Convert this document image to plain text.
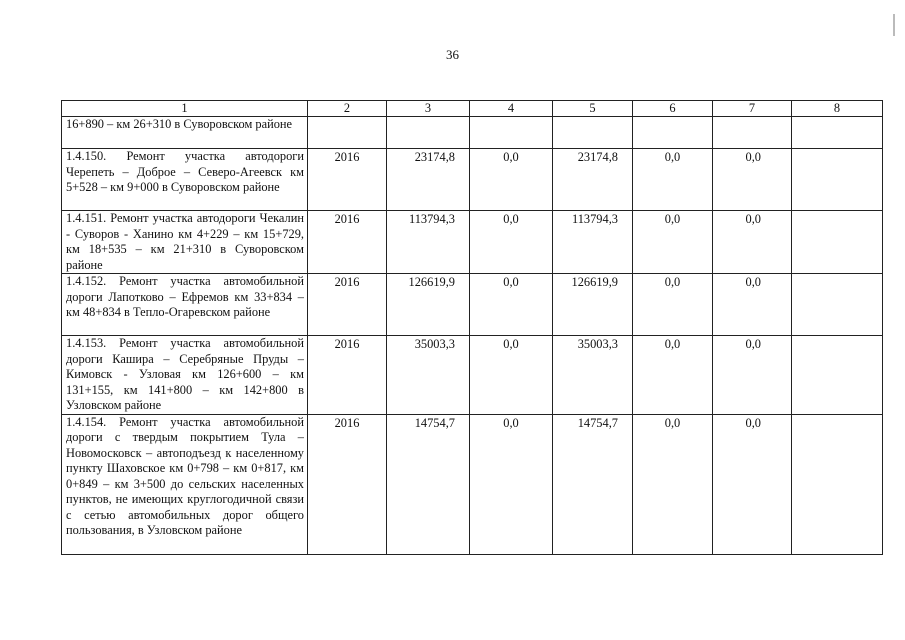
36
1	2	3	4	5	6	7	8
16+890 – км 26+310 в Суворовском районе							
1.4.150. Ремонт участка автодороги Черепеть – Доброе – Северо-Агеевск км 5+528 – км 9+000 в Суворовском районе	2016	23174,8	0,0	23174,8	0,0	0,0	
1.4.151. Ремонт участка автодороги Чекалин - Суворов - Ханино км 4+229 – км 15+729, км 18+535 – км 21+310 в Суворовском районе	2016	113794,3	0,0	113794,3	0,0	0,0	
1.4.152. Ремонт участка автомобильной дороги Лапотково – Ефремов км 33+834 – км 48+834 в Тепло-Огаревском районе	2016	126619,9	0,0	126619,9	0,0	0,0	
1.4.153. Ремонт участка автомобильной дороги Кашира – Серебряные Пруды – Кимовск - Узловая км 126+600 – км 131+155, км 141+800 – км 142+800 в Узловском районе	2016	35003,3	0,0	35003,3	0,0	0,0	
1.4.154. Ремонт участка автомобильной дороги с твердым покрытием Тула – Новомосковск – автоподъезд к населенному пункту Шаховское км 0+798 – км 0+817, км 0+849 – км 3+500 до сельских населенных пунктов, не имеющих круглогодичной связи с сетью автомобильных дорог общего пользования, в Узловском районе	2016	14754,7	0,0	14754,7	0,0	0,0	
